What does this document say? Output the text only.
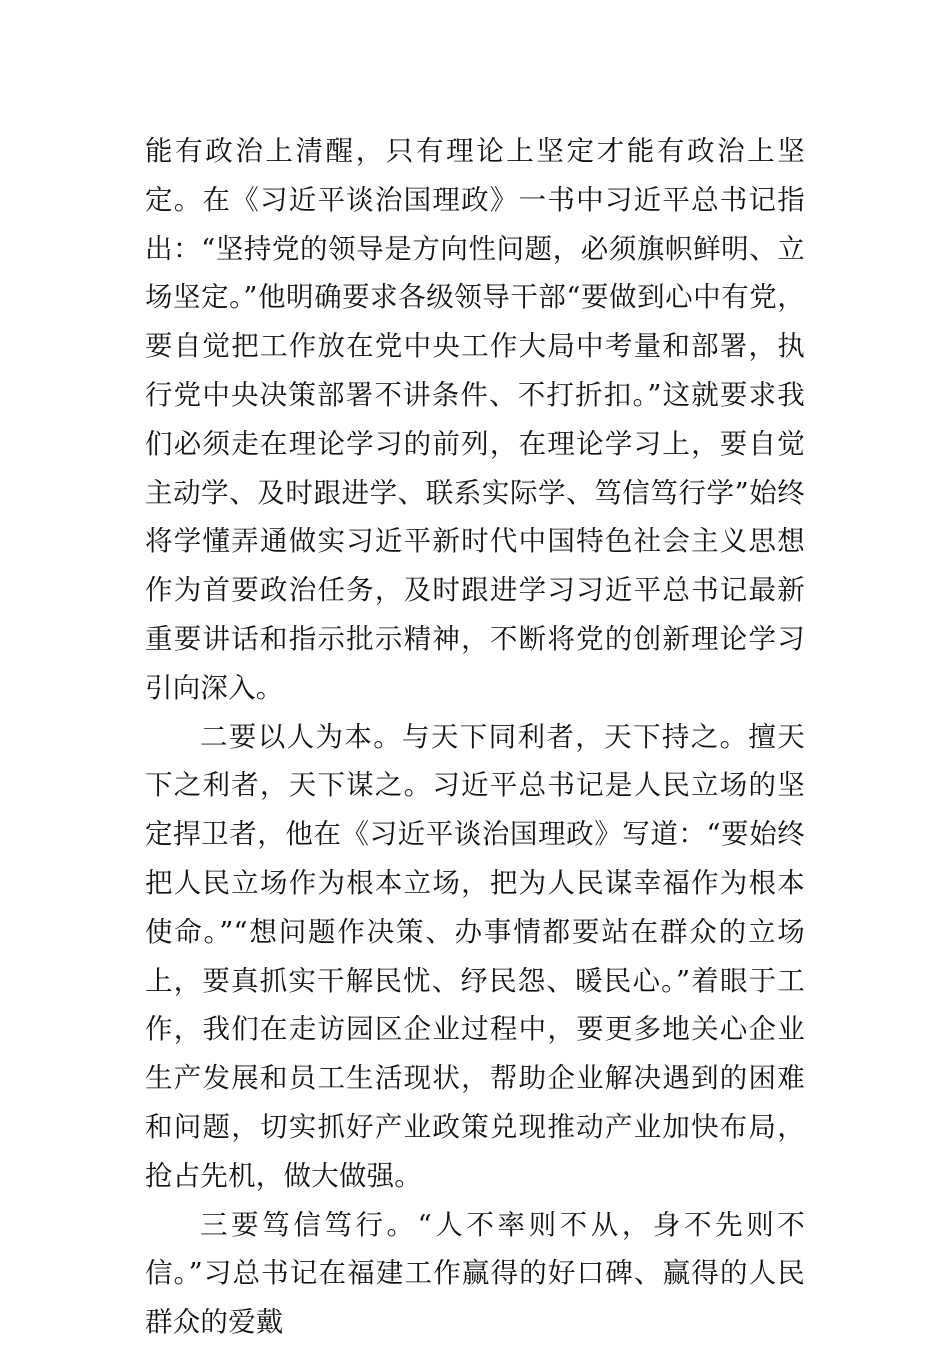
能有政治上清醒，只有理论上坚定才能有政治上坚定。在《习近平谈治国理政》一书中习近平总书记指出：“坚持党的领导是方向性问题，必须旗帜鲜明、立场坚定。”他明确要求各级领导干部“要做到心中有党，要自觉把工作放在党中央工作大局中考量和部署，执行党中央决策部署不讲条件、不打折扣。”这就要求我们必须走在理论学习的前列，在理论学习上，要自觉主动学、及时跟进学、联系实际学、笃信笃行学”始终将学懂弄通做实习近平新时代中国特色社会主义思想作为首要政治任务，及时跟进学习习近平总书记最新重要讲话和指示批示精神，不断将党的创新理论学习引向深入。

二要以人为本。与天下同利者，天下持之。擅天下之利者，天下谋之。习近平总书记是人民立场的坚定捍卫者，他在《习近平谈治国理政》写道：“要始终把人民立场作为根本立场，把为人民谋幸福作为根本使命。”“想问题作决策、办事情都要站在群众的立场上，要真抓实干解民忧、纾民怨、暖民心。”着眼于工作，我们在走访园区企业过程中，要更多地关心企业生产发展和员工生活现状，帮助企业解决遇到的困难和问题，切实抓好产业政策兑现推动产业加快布局，抢占先机，做大做强。

三要笃信笃行。“人不率则不从，身不先则不信。”习总书记在福建工作赢得的好口碑、赢得的人民群众的爱戴
